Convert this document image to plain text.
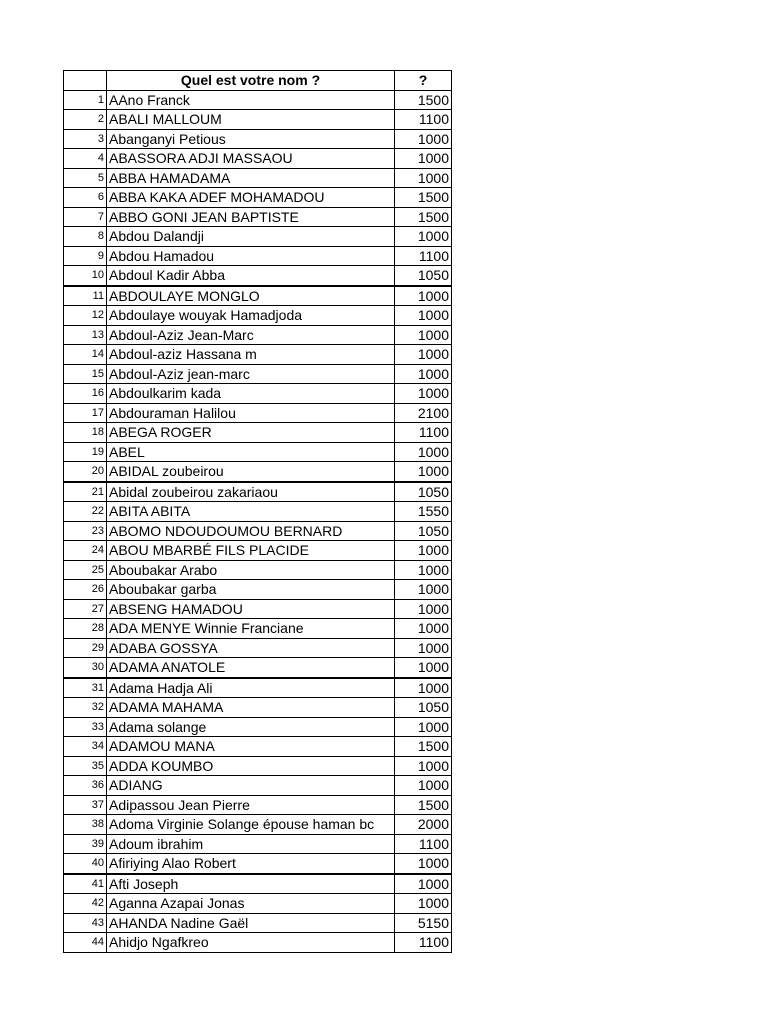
	Quel est votre nom ?	?
1	AAno Franck	1500
2	ABALI MALLOUM	1100
3	Abanganyi Petious	1000
4	ABASSORA ADJI MASSAOU	1000
5	ABBA HAMADAMA	1000
6	ABBA KAKA ADEF MOHAMADOU	1500
7	ABBO GONI JEAN BAPTISTE	1500
8	Abdou Dalandji	1000
9	Abdou Hamadou	1100
10	Abdoul Kadir Abba	1050
11	ABDOULAYE MONGLO	1000
12	Abdoulaye wouyak Hamadjoda	1000
13	Abdoul-Aziz Jean-Marc	1000
14	Abdoul-aziz Hassana m	1000
15	Abdoul-Aziz jean-marc	1000
16	Abdoulkarim kada	1000
17	Abdouraman Halilou	2100
18	ABEGA ROGER	1100
19	ABEL	1000
20	ABIDAL zoubeirou	1000
21	Abidal zoubeirou zakariaou	1050
22	ABITA ABITA	1550
23	ABOMO NDOUDOUMOU BERNARD	1050
24	ABOU MBARBÉ FILS PLACIDE	1000
25	Aboubakar Arabo	1000
26	Aboubakar garba	1000
27	ABSENG HAMADOU	1000
28	ADA MENYE Winnie Franciane	1000
29	ADABA GOSSYA	1000
30	ADAMA ANATOLE	1000
31	Adama Hadja Ali	1000
32	ADAMA MAHAMA	1050
33	Adama solange	1000
34	ADAMOU MANA	1500
35	ADDA KOUMBO	1000
36	ADIANG	1000
37	Adipassou Jean Pierre	1500
38	Adoma Virginie Solange épouse haman bc	2000
39	Adoum ibrahim	1100
40	Afiriying Alao Robert	1000
41	Afti Joseph	1000
42	Aganna Azapai Jonas	1000
43	AHANDA Nadine Gaël	5150
44	Ahidjo Ngafkreo	1100
